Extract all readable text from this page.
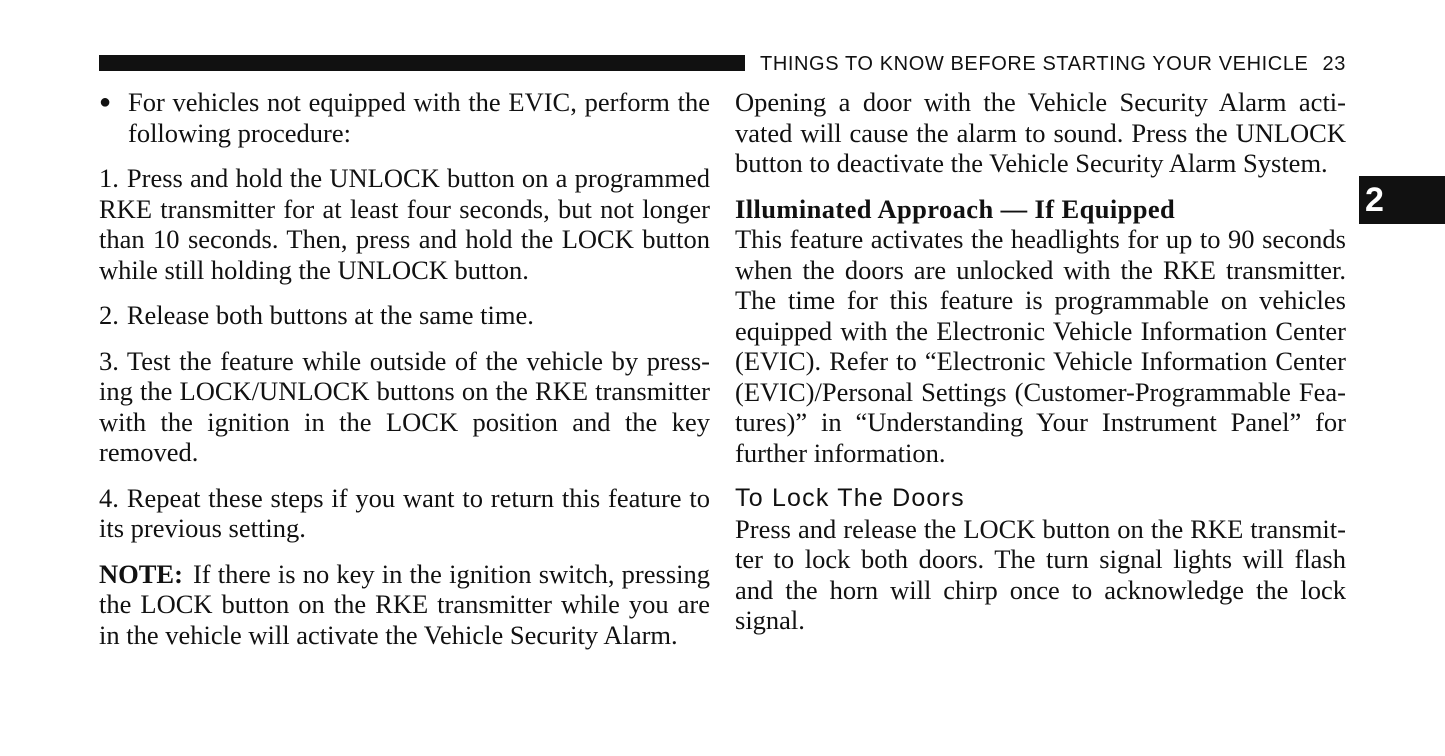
THINGS TO KNOW BEFORE STARTING YOUR VEHICLE 23
2

● For vehicles not equipped with the EVIC, perform the following procedure:

1. Press and hold the UNLOCK button on a programmed RKE transmitter for at least four seconds, but not longer than 10 seconds. Then, press and hold the LOCK button while still holding the UNLOCK button.

2. Release both buttons at the same time.

3. Test the feature while outside of the vehicle by pressing the LOCK/UNLOCK buttons on the RKE transmitter with the ignition in the LOCK position and the key removed.

4. Repeat these steps if you want to return this feature to its previous setting.

NOTE: If there is no key in the ignition switch, pressing the LOCK button on the RKE transmitter while you are in the vehicle will activate the Vehicle Security Alarm.

Opening a door with the Vehicle Security Alarm activated will cause the alarm to sound. Press the UNLOCK button to deactivate the Vehicle Security Alarm System.

Illuminated Approach — If Equipped

This feature activates the headlights for up to 90 seconds when the doors are unlocked with the RKE transmitter. The time for this feature is programmable on vehicles equipped with the Electronic Vehicle Information Center (EVIC). Refer to “Electronic Vehicle Information Center (EVIC)/Personal Settings (Customer-Programmable Features)” in “Understanding Your Instrument Panel” for further information.

To Lock The Doors

Press and release the LOCK button on the RKE transmitter to lock both doors. The turn signal lights will flash and the horn will chirp once to acknowledge the lock signal.
